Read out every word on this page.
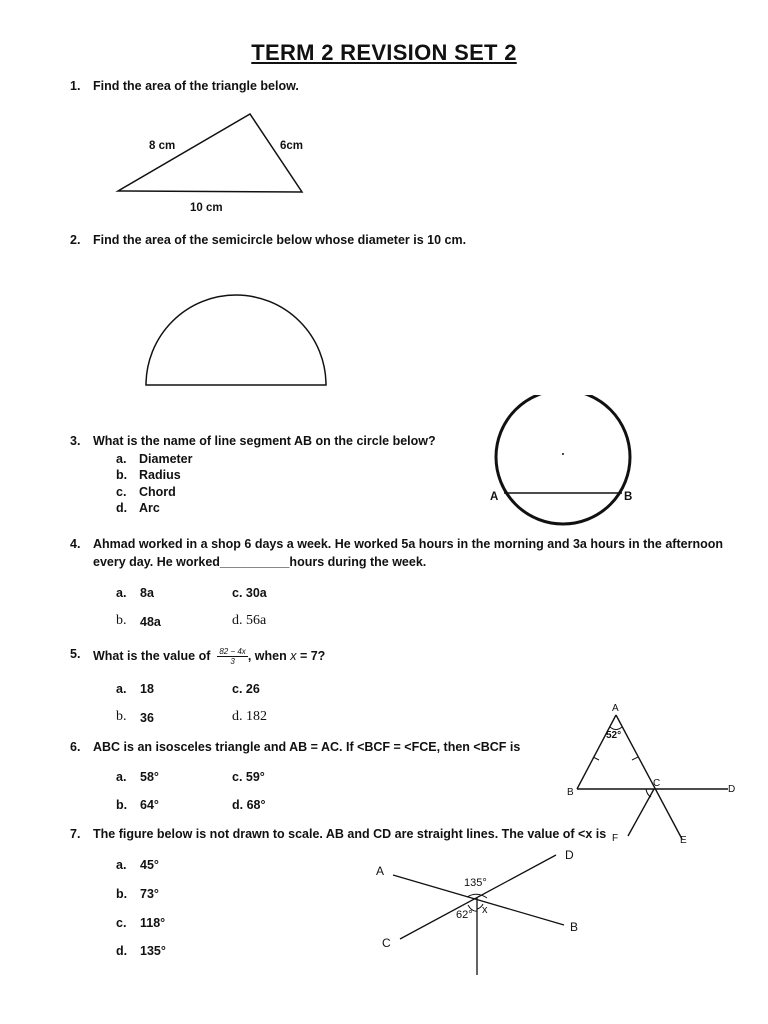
TERM 2 REVISION SET 2
1. Find the area of the triangle below.
8 cm	6cm
10 cm
2. Find the area of the semicircle below whose diameter is 10 cm.
3. What is the name of line segment AB on the circle below?
a. Diameter
b. Radius
c. Chord
d. Arc
A	B
4. Ahmad worked in a shop 6 days a week. He worked 5a hours in the morning and 3a hours in the afternoon
every day. He worked__________hours during the week.
a. 8a	c. 30a
b. 48a	d. 56a
5. What is the value of $\frac{82 - 4x}{3}$ , when x = 7?
a. 18	c. 26
b. 36	d. 182
6. ABC is an isosceles triangle and AB = AC. If <BCF = <FCE, then <BCF is
a. 58°	c. 59°
b. 64°	d. 68°
A
52°
B
C
D
F	E
7. The figure below is not drawn to scale. AB and CD are straight lines. The value of <x is
a. 45°
b. 73°
c. 118°
d. 135°
A
B
C
D
135°
62° x
